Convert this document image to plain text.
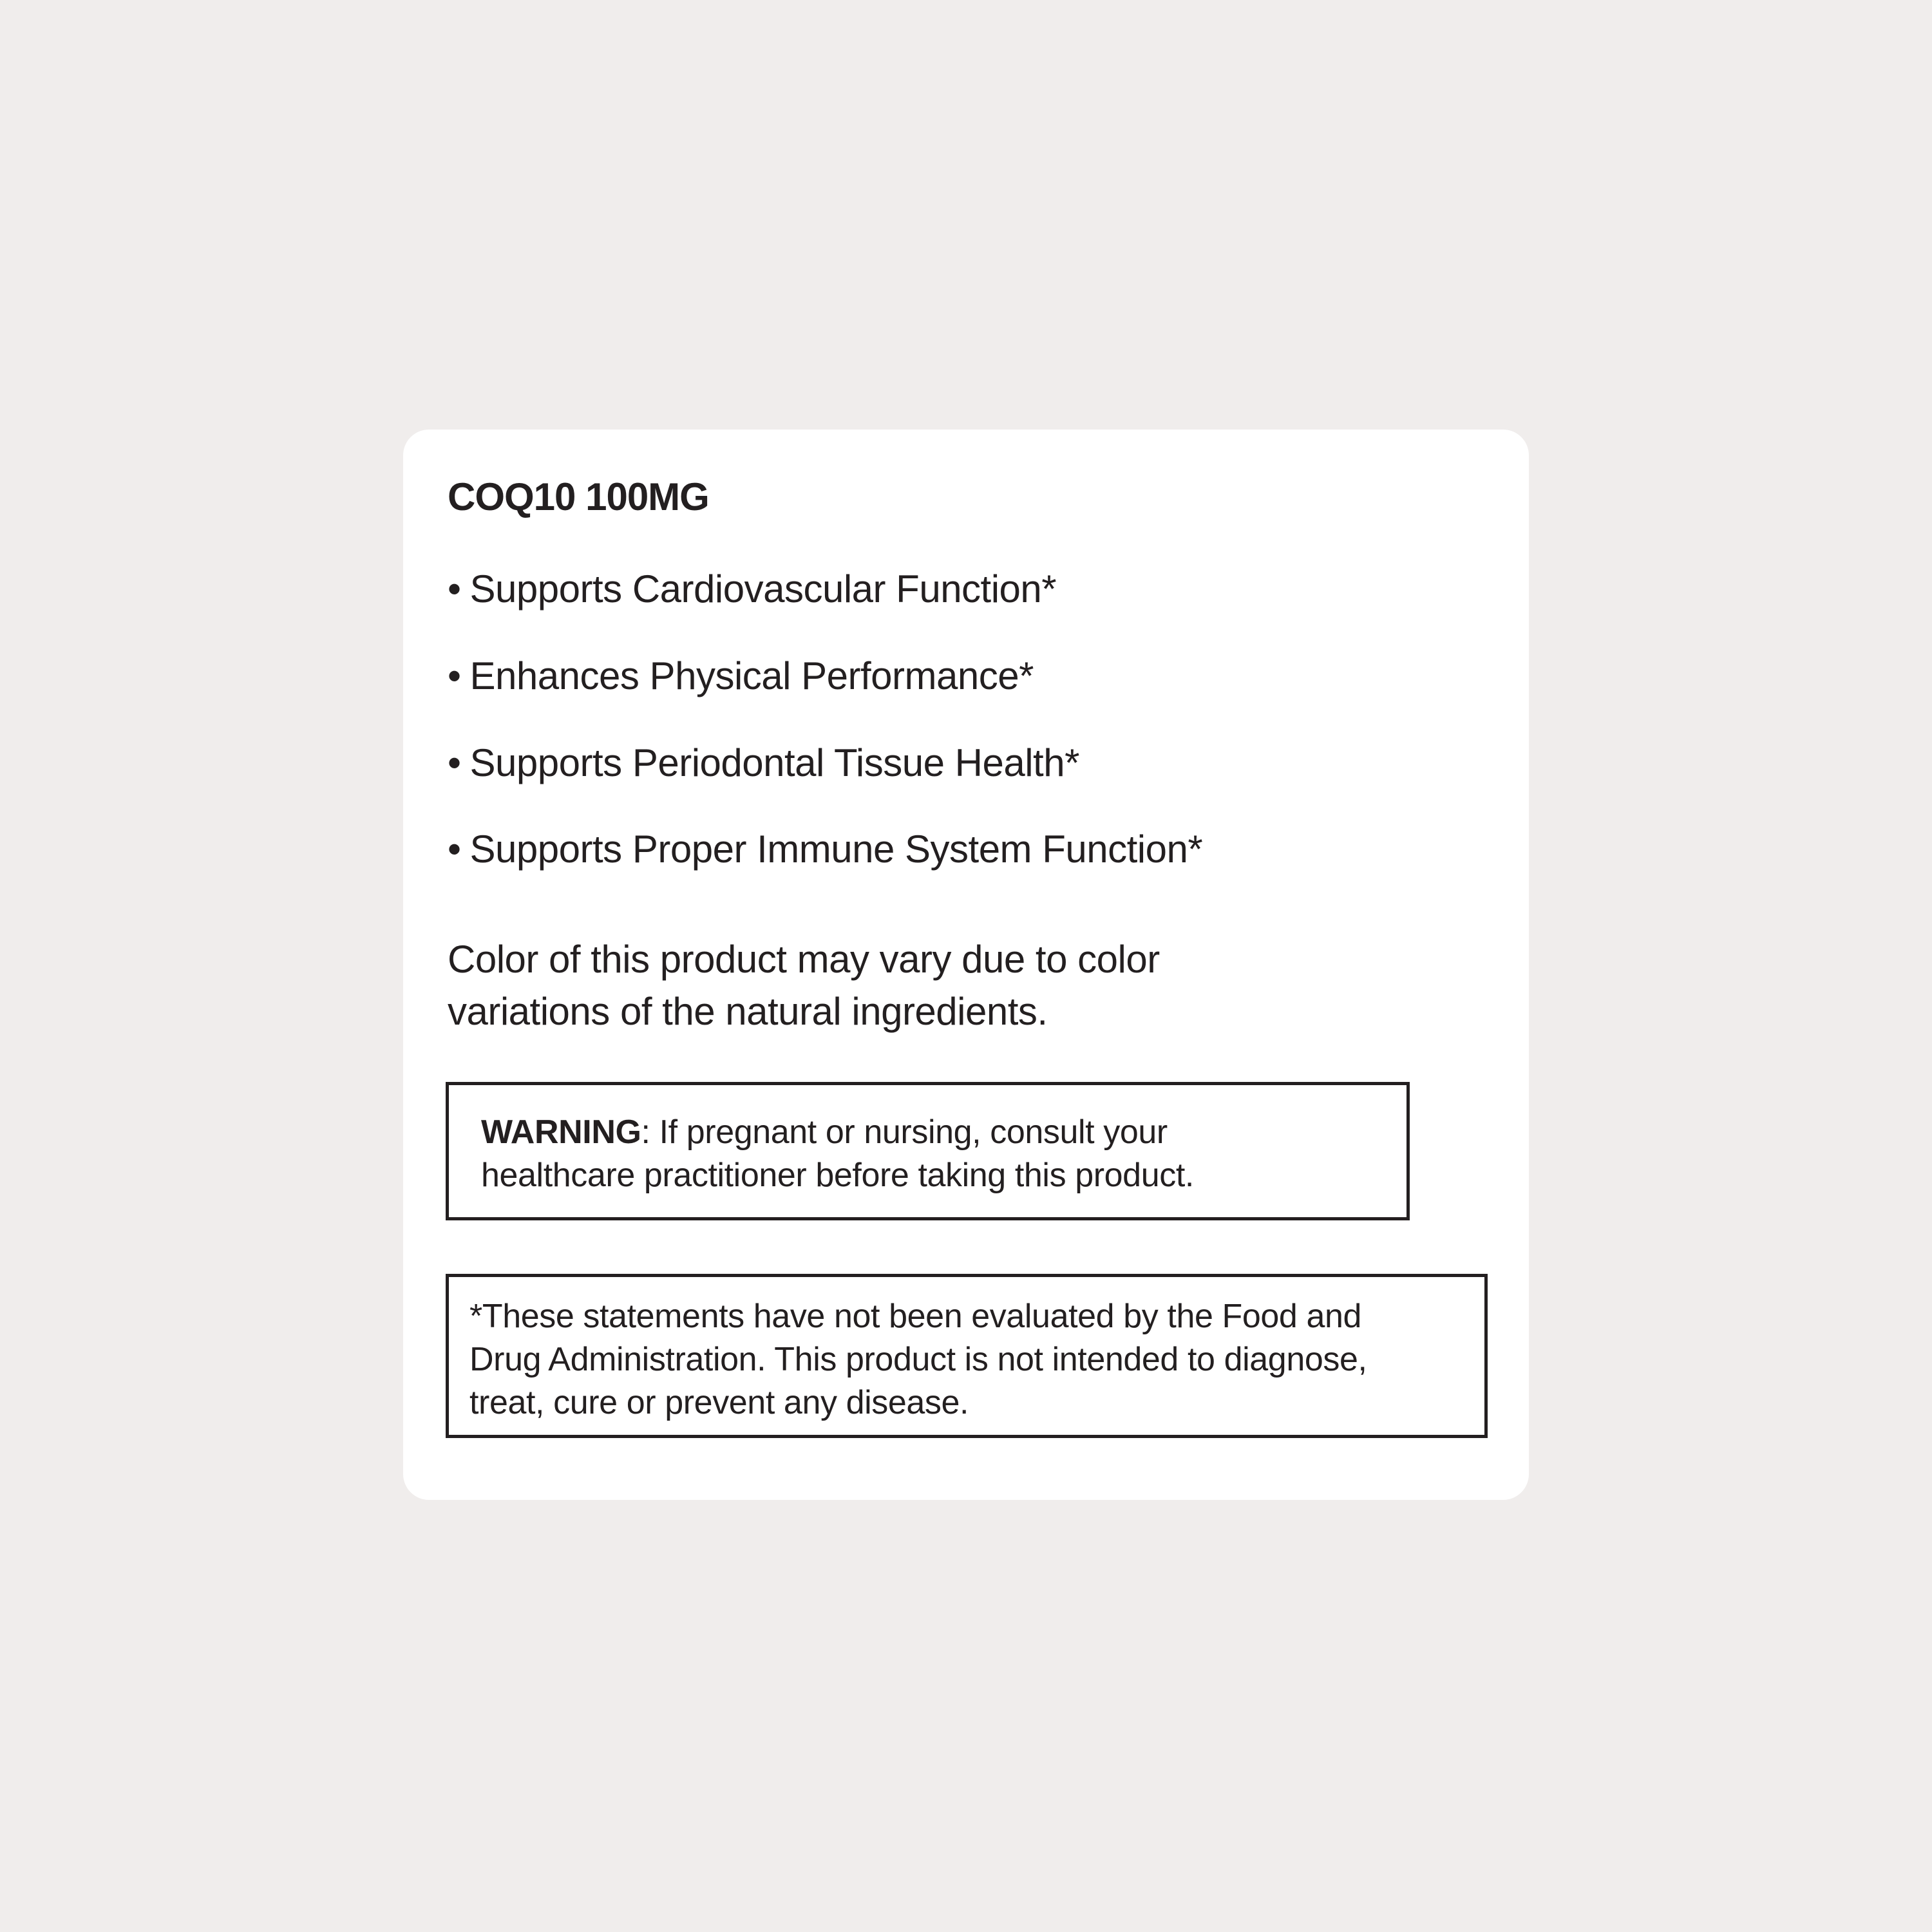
COQ10 100MG
• Supports Cardiovascular Function*
• Enhances Physical Performance*
• Supports Periodontal Tissue Health*
• Supports Proper Immune System Function*
Color of this product may vary due to color
variations of the natural ingredients.
WARNING: If pregnant or nursing, consult your
healthcare practitioner before taking this product.
*These statements have not been evaluated by the Food and
Drug Administration. This product is not intended to diagnose,
treat, cure or prevent any disease.
